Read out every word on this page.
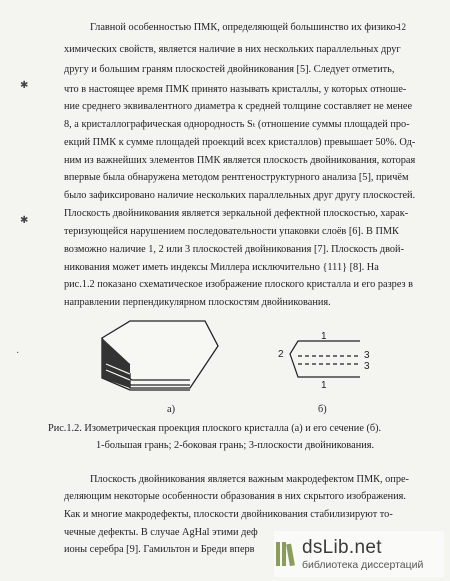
12
✱
✱
·
Главной особенностью ПМК, определяющей большинство их физико-
химических свойств, является наличие в них нескольких параллельных друг
другу и большим граням плоскостей двойникования [5]. Следует отметить,
что в настоящее время ПМК принято называть кристаллы, у которых отноше-
ние среднего эквивалентного диаметра к средней толщине составляет не менее
8, а кристаллографическая однородность Sₜ (отношение суммы площадей про-
екций ПМК к сумме площадей проекций всех кристаллов) превышает 50%. Од-
ним из важнейших элементов ПМК является плоскость двойникования, которая
впервые была обнаружена методом рентгеноструктурного анализа [5], причём
было зафиксировано наличие нескольких параллельных друг другу плоскостей.
Плоскость двойникования является зеркальной дефектной плоскостью, харак-
теризующейся нарушением последовательности упаковки слоёв [6]. В ПМК
возможно наличие 1, 2 или 3 плоскостей двойникования [7]. Плоскость двой-
никования может иметь индексы Миллера исключительно {111} [8]. На
рис.1.2 показано схематическое изображение плоского кристалла и его разрез в
направлении перпендикулярном плоскостям двойникования.
1
2	3
3
1
а)	б)
Рис.1.2. Изометрическая проекция плоского кристалла (а) и его сечение (б).
1-большая грань; 2-боковая грань; 3-плоскости двойникования.
Плоскость двойникования является важным макродефектом ПМК, опре-
деляющим некоторые особенности образования в них скрытого изображения.
Как и многие макродефекты, плоскости двойникования стабилизируют то-
чечные дефекты. В случае AgHal этими деф
ионы серебра [9]. Гамильтон и Бреди вперв dsLib.net
библиотека диссертаций
